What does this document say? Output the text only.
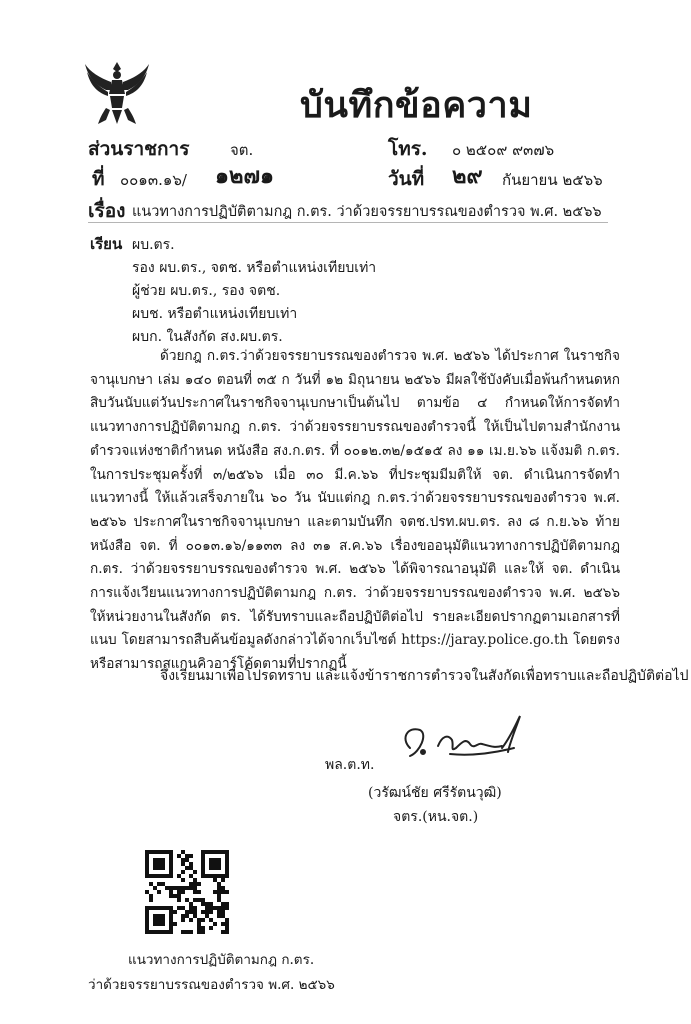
บันทึกข้อความ
ส่วนราชการ	จต.	โทร. ๐ ๒๕๐๙ ๙๓๗๖
ที่ ๐๐๑๓.๑๖/ ๑๒๗๑	วันที่ ๒๙ กันยายน ๒๕๖๖
เรื่อง แนวทางการปฏิบัติตามกฎ ก.ตร. ว่าด้วยจรรยาบรรณของตำรวจ พ.ศ. ๒๕๖๖
เรียน ผบ.ตร.
รอง ผบ.ตร., จตช. หรือตำแหน่งเทียบเท่า
ผู้ช่วย ผบ.ตร., รอง จตช.
ผบช. หรือตำแหน่งเทียบเท่า
ผบก. ในสังกัด สง.ผบ.ตร.
ด้วยกฎ ก.ตร.ว่าด้วยจรรยาบรรณของตำรวจ พ.ศ. ๒๕๖๖ ได้ประกาศ ในราชกิจจานุเบกษา เล่ม ๑๔๐ ตอนที่ ๓๕ ก วันที่ ๑๒ มิถุนายน ๒๕๖๖ มีผลใช้บังคับเมื่อพ้นกำหนดหกสิบวันนับแต่วันประกาศในราชกิจจานุเบกษาเป็นต้นไป ตามข้อ ๔ กำหนดให้การจัดทำแนวทางการปฏิบัติตามกฎ ก.ตร. ว่าด้วยจรรยาบรรณของตำรวจนี้ ให้เป็นไปตามสำนักงานตำรวจแห่งชาติกำหนด หนังสือ สง.ก.ตร. ที่ ๐๐๑๒.๓๒/๑๕๑๕ ลง ๑๑ เม.ย.๖๖ แจ้งมติ ก.ตร. ในการประชุมครั้งที่ ๓/๒๕๖๖ เมื่อ ๓๐ มี.ค.๖๖ ที่ประชุมมีมติให้ จต. ดำเนินการจัดทำแนวทางนี้ ให้แล้วเสร็จภายใน ๖๐ วัน นับแต่กฎ ก.ตร.ว่าด้วยจรรยาบรรณของตำรวจ พ.ศ. ๒๕๖๖ ประกาศในราชกิจจานุเบกษา และตามบันทึก จตช.ปรท.ผบ.ตร. ลง ๘ ก.ย.๖๖ ท้ายหนังสือ จต. ที่ ๐๐๑๓.๑๖/๑๑๓๓ ลง ๓๑ ส.ค.๖๖ เรื่องขออนุมัติแนวทางการปฏิบัติตามกฎ ก.ตร. ว่าด้วยจรรยาบรรณของตำรวจ พ.ศ. ๒๕๖๖ ได้พิจารณาอนุมัติ และให้ จต. ดำเนินการแจ้งเวียนแนวทางการปฏิบัติตามกฎ ก.ตร. ว่าด้วยจรรยาบรรณของตำรวจ พ.ศ. ๒๕๖๖ ให้หน่วยงานในสังกัด ตร. ได้รับทราบและถือปฏิบัติต่อไป รายละเอียดปรากฏตามเอกสารที่แนบ โดยสามารถสืบค้นข้อมูลดังกล่าวได้จากเว็บไซต์ https://jaray.police.go.th โดยตรง หรือสามารถสแกนคิวอาร์โค้ดตามที่ปรากฏนี้
จึงเรียนมาเพื่อโปรดทราบ และแจ้งข้าราชการตำรวจในสังกัดเพื่อทราบและถือปฏิบัติต่อไป
พล.ต.ท.
(วรัฒน์ชัย ศรีรัตนวุฒิ)
จตร.(หน.จต.)
แนวทางการปฏิบัติตามกฎ ก.ตร.
ว่าด้วยจรรยาบรรณของตำรวจ พ.ศ. ๒๕๖๖
